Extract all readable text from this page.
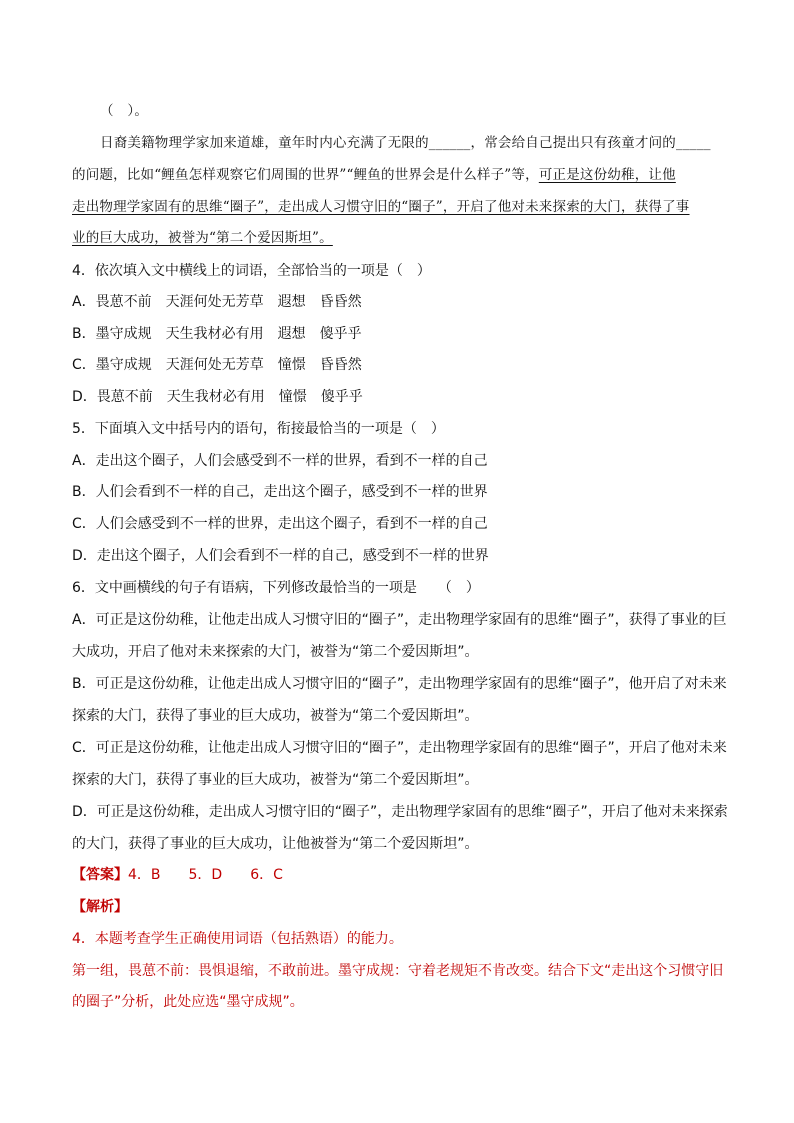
（　）。
日裔美籍物理学家加来道雄，童年时内心充满了无限的______，常会给自己提出只有孩童才问的_____
的问题，比如“鲤鱼怎样观察它们周围的世界”“鲤鱼的世界会是什么样子”等，可正是这份幼稚，让他
走出物理学家固有的思维“圈子”，走出成人习惯守旧的“圈子”，开启了他对未来探索的大门，获得了事
业的巨大成功，被誉为“第二个爱因斯坦”。
4．依次填入文中横线上的词语，全部恰当的一项是（　）
A．畏葸不前　天涯何处无芳草　遐想　昏昏然
B．墨守成规　天生我材必有用　遐想　傻乎乎
C．墨守成规　天涯何处无芳草　憧憬　昏昏然
D．畏葸不前　天生我材必有用　憧憬　傻乎乎
5．下面填入文中括号内的语句，衔接最恰当的一项是（　）
A．走出这个圈子，人们会感受到不一样的世界，看到不一样的自己
B．人们会看到不一样的自己，走出这个圈子，感受到不一样的世界
C．人们会感受到不一样的世界，走出这个圈子，看到不一样的自己
D．走出这个圈子，人们会看到不一样的自己，感受到不一样的世界
6．文中画横线的句子有语病，下列修改最恰当的一项是　　（　）
A．可正是这份幼稚，让他走出成人习惯守旧的“圈子”，走出物理学家固有的思维“圈子”，获得了事业的巨
大成功，开启了他对未来探索的大门，被誉为“第二个爱因斯坦”。
B．可正是这份幼稚，让他走出成人习惯守旧的“圈子”，走出物理学家固有的思维“圈子”，他开启了对未来
探索的大门，获得了事业的巨大成功，被誉为“第二个爱因斯坦”。
C．可正是这份幼稚，让他走出成人习惯守旧的“圈子”，走出物理学家固有的思维“圈子”，开启了他对未来
探索的大门，获得了事业的巨大成功，被誉为“第二个爱因斯坦”。
D．可正是这份幼稚，走出成人习惯守旧的“圈子”，走出物理学家固有的思维“圈子”，开启了他对未来探索
的大门，获得了事业的巨大成功，让他被誉为“第二个爱因斯坦”。
【答案】4．B　　5．D　　6．C
【解析】
4．本题考查学生正确使用词语（包括熟语）的能力。
第一组，畏葸不前：畏惧退缩，不敢前进。墨守成规：守着老规矩不肯改变。结合下文“走出这个习惯守旧
的圈子”分析，此处应选“墨守成规”。
